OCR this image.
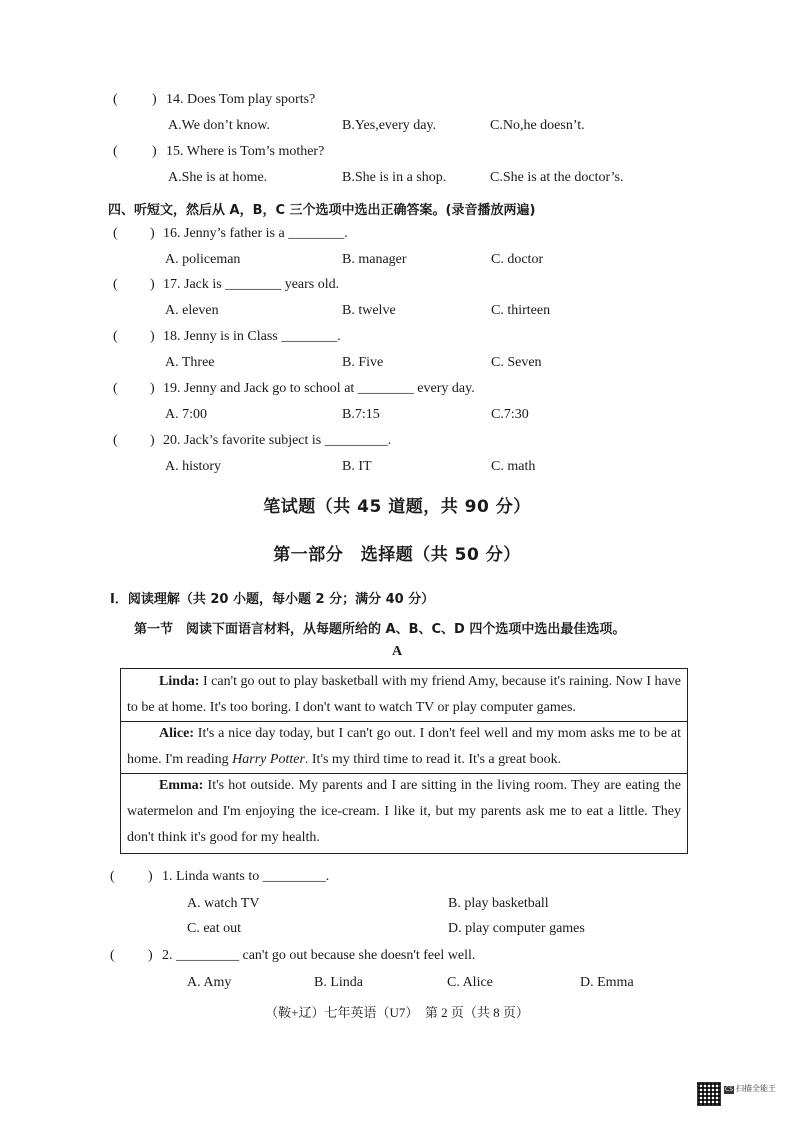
( ) 14. Does Tom play sports?
A.We don’t know.	B.Yes,every day.	C.No,he doesn’t.
( ) 15. Where is Tom’s mother?
A.She is at home.	B.She is in a shop.	C.She is at the doctor’s.
四、听短文，然后从 A，B，C 三个选项中选出正确答案。(录音播放两遍)
( ) 16. Jenny’s father is a ________.
A. policeman	B. manager	C. doctor
( ) 17. Jack is ________ years old.
A. eleven	B. twelve	C. thirteen
( ) 18. Jenny is in Class ________.
A. Three	B. Five	C. Seven
( ) 19. Jenny and Jack go to school at ________ every day.
A. 7:00	B.7:15	C.7:30
( ) 20. Jack’s favorite subject is _________.
A. history	B. IT	C. math
笔试题（共 45 道题，共 90 分）
第一部分　选择题（共 50 分）
Ⅰ．阅读理解（共 20 小题，每小题 2 分；满分 40 分）
第一节　阅读下面语言材料，从每题所给的 A、B、C、D 四个选项中选出最佳选项。
A
Linda: I can't go out to play basketball with my friend Amy, because it's raining. Now I have to be at home. It's too boring. I don't want to watch TV or play computer games.
Alice: It's a nice day today, but I can't go out. I don't feel well and my mom asks me to be at home. I'm reading Harry Potter. It's my third time to read it. It's a great book.
Emma: It's hot outside. My parents and I are sitting in the living room. They are eating the watermelon and I'm enjoying the ice-cream. I like it, but my parents ask me to eat a little. They don't think it's good for my health.
( ) 1. Linda wants to _________.
A. watch TV	B. play basketball
C. eat out	D. play computer games
( ) 2. _________ can't go out because she doesn't feel well.
A. Amy	B. Linda	C. Alice	D. Emma
（鞍+辽）七年英语（U7）　第 2 页（共 8 页）
CS 扫描全能王
